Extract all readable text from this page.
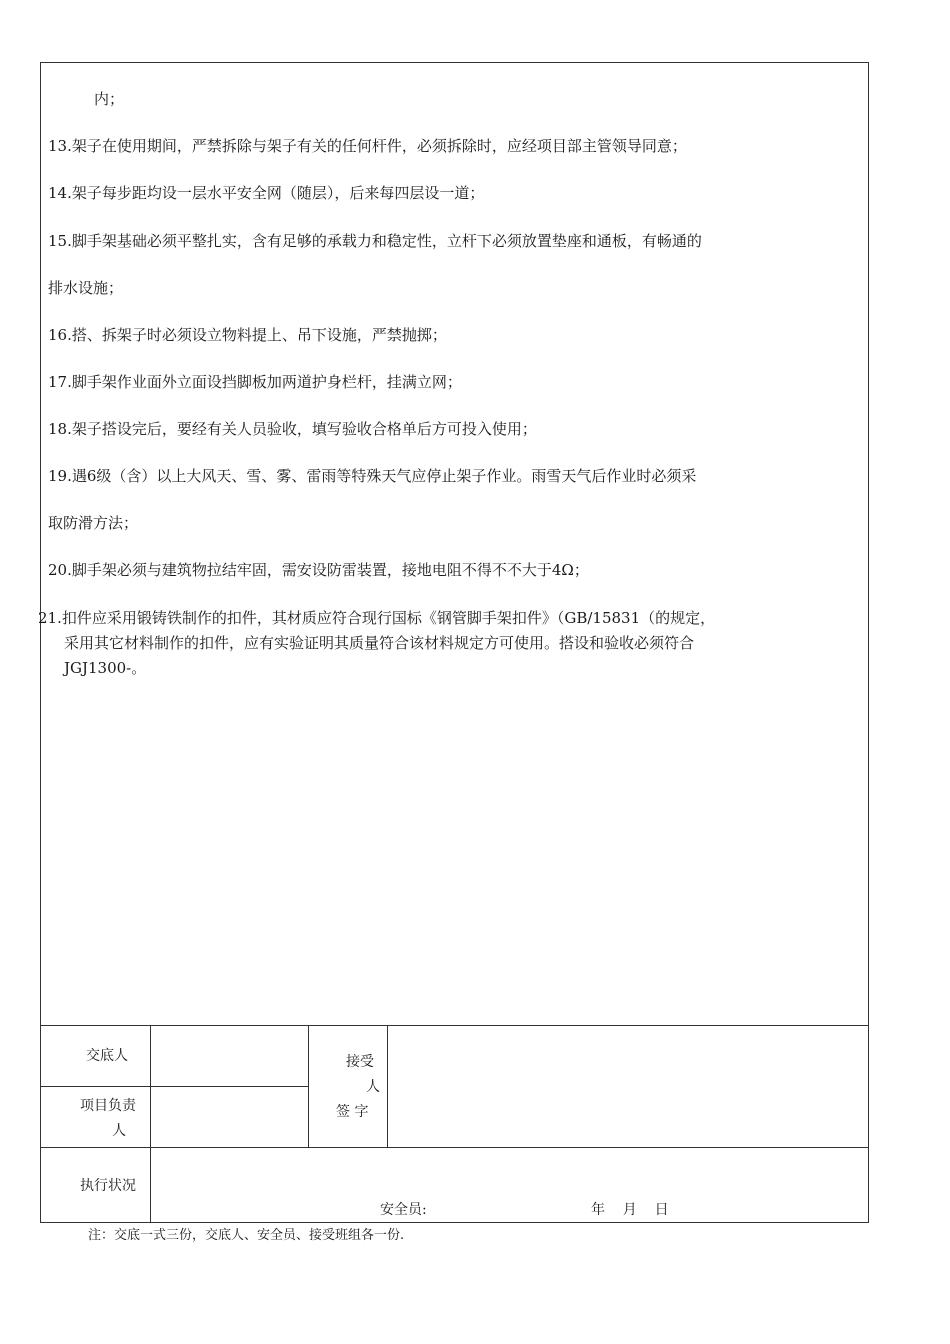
内；
13.架子在使用期间，严禁拆除与架子有关的任何杆件，必须拆除时，应经项目部主管领导同意；
14.架子每步距均设一层水平安全网（随层），后来每四层设一道；
15.脚手架基础必须平整扎实，含有足够的承载力和稳定性，立杆下必须放置垫座和通板，有畅通的
排水设施；
16.搭、拆架子时必须设立物料提上、吊下设施，严禁抛掷；
17.脚手架作业面外立面设挡脚板加两道护身栏杆，挂满立网；
18.架子搭设完后，要经有关人员验收，填写验收合格单后方可投入使用；
19.遇6级（含）以上大风天、雪、雾、雷雨等特殊天气应停止架子作业。雨雪天气后作业时必须采
取防滑方法；
20.脚手架必须与建筑物拉结牢固，需安设防雷装置，接地电阻不得不不大于4Ω；
21.扣件应采用锻铸铁制作的扣件，其材质应符合现行国标《钢管脚手架扣件》（GB/15831（的规定，
采用其它材料制作的扣件，应有实验证明其质量符合该材料规定方可使用。搭设和验收必须符合
JGJ1300-。
交底人
项目负责
人
接受
人
签 字
执行状况
安全员:	年    月    日
注：交底一式三份，交底人、安全员、接受班组各一份.
